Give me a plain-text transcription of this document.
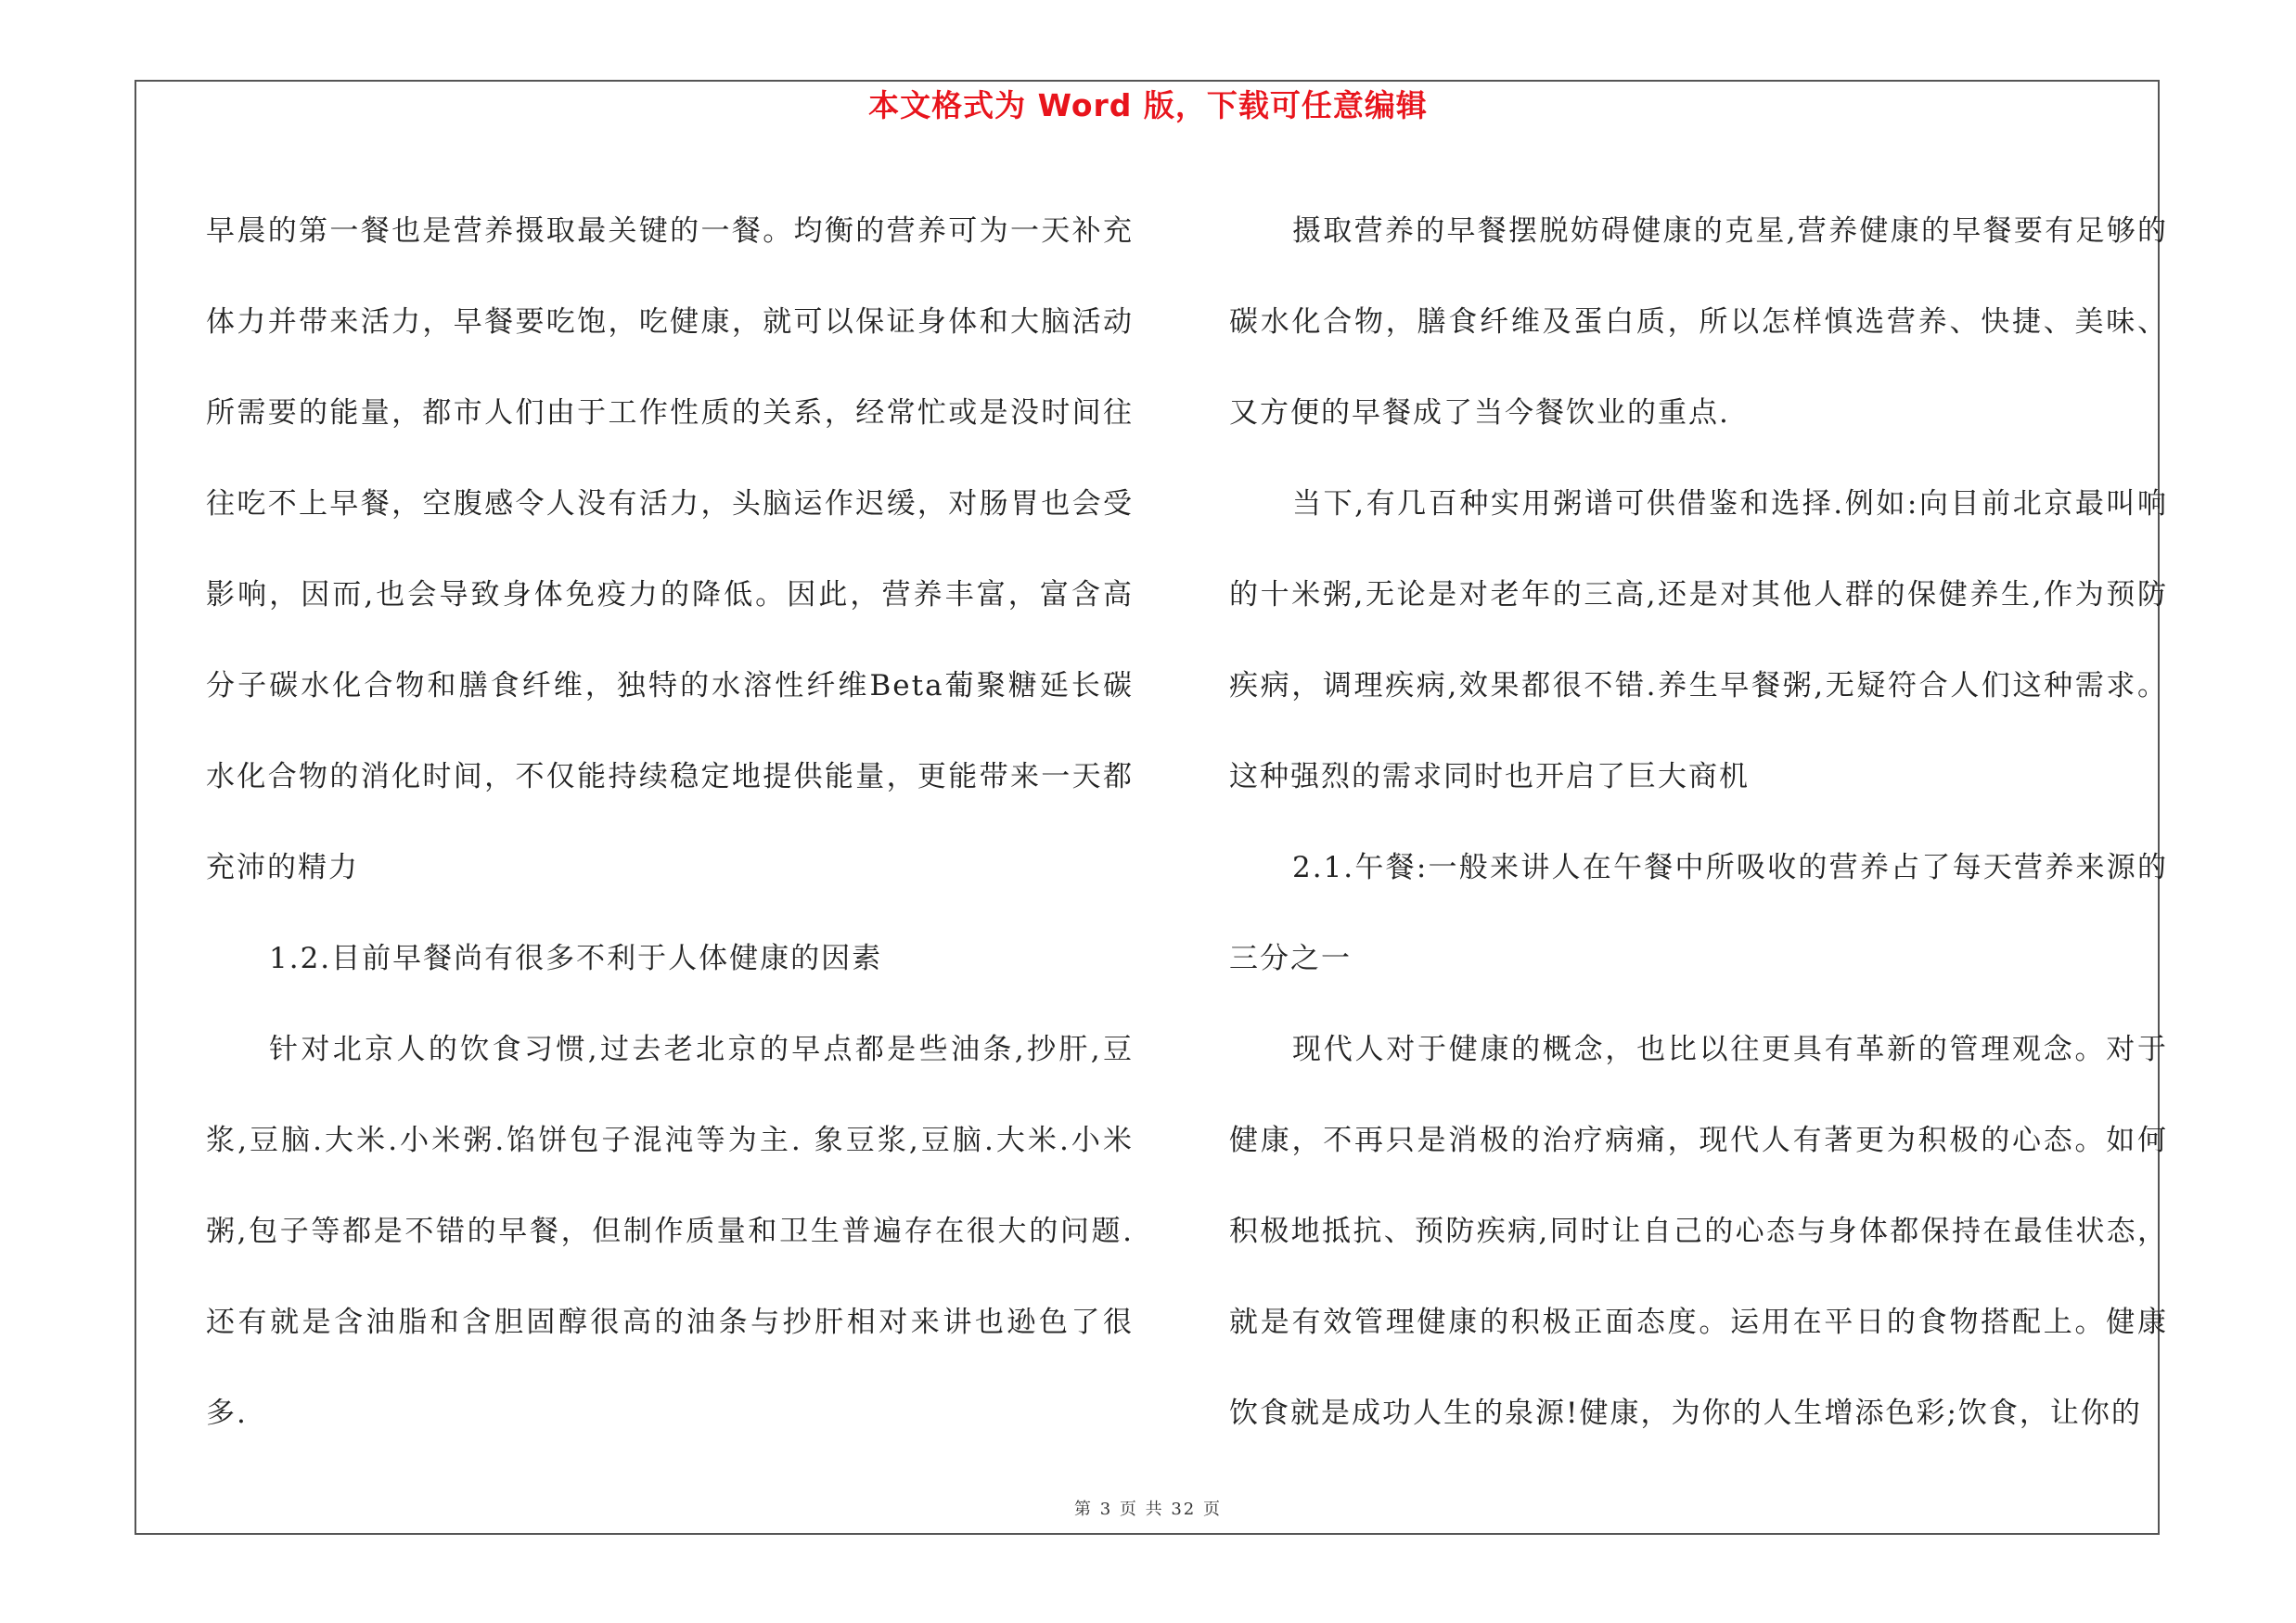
本文格式为 Word 版，下载可任意编辑

早晨的第一餐也是营养摄取最关键的一餐。均衡的营养可为一天补充体力并带来活力，早餐要吃饱，吃健康，就可以保证身体和大脑活动所需要的能量，都市人们由于工作性质的关系，经常忙或是没时间往往吃不上早餐，空腹感令人没有活力，头脑运作迟缓，对肠胃也会受影响，因而,也会导致身体免疫力的降低。因此，营养丰富，富含高分子碳水化合物和膳食纤维，独特的水溶性纤维Beta葡聚糖延长碳水化合物的消化时间，不仅能持续稳定地提供能量，更能带来一天都充沛的精力

1.2.目前早餐尚有很多不利于人体健康的因素

针对北京人的饮食习惯,过去老北京的早点都是些油条,抄肝,豆浆,豆脑.大米.小米粥.馅饼包子混沌等为主. 象豆浆,豆脑.大米.小米粥,包子等都是不错的早餐，但制作质量和卫生普遍存在很大的问题. 还有就是含油脂和含胆固醇很高的油条与抄肝相对来讲也逊色了很多.

摄取营养的早餐摆脱妨碍健康的克星,营养健康的早餐要有足够的碳水化合物，膳食纤维及蛋白质，所以怎样慎选营养、快捷、美味、又方便的早餐成了当今餐饮业的重点.

当下,有几百种实用粥谱可供借鉴和选择.例如:向目前北京最叫响的十米粥,无论是对老年的三高,还是对其他人群的保健养生,作为预防疾病，调理疾病,效果都很不错.养生早餐粥,无疑符合人们这种需求。 这种强烈的需求同时也开启了巨大商机

2.1.午餐:一般来讲人在午餐中所吸收的营养占了每天营养来源的三分之一

现代人对于健康的概念，也比以往更具有革新的管理观念。对于健康，不再只是消极的治疗病痛，现代人有著更为积极的心态。如何积极地抵抗、预防疾病,同时让自己的心态与身体都保持在最佳状态，就是有效管理健康的积极正面态度。运用在平日的食物搭配上。健康饮食就是成功人生的泉源!健康，为你的人生增添色彩;饮食，让你的

第 3 页 共 32 页
